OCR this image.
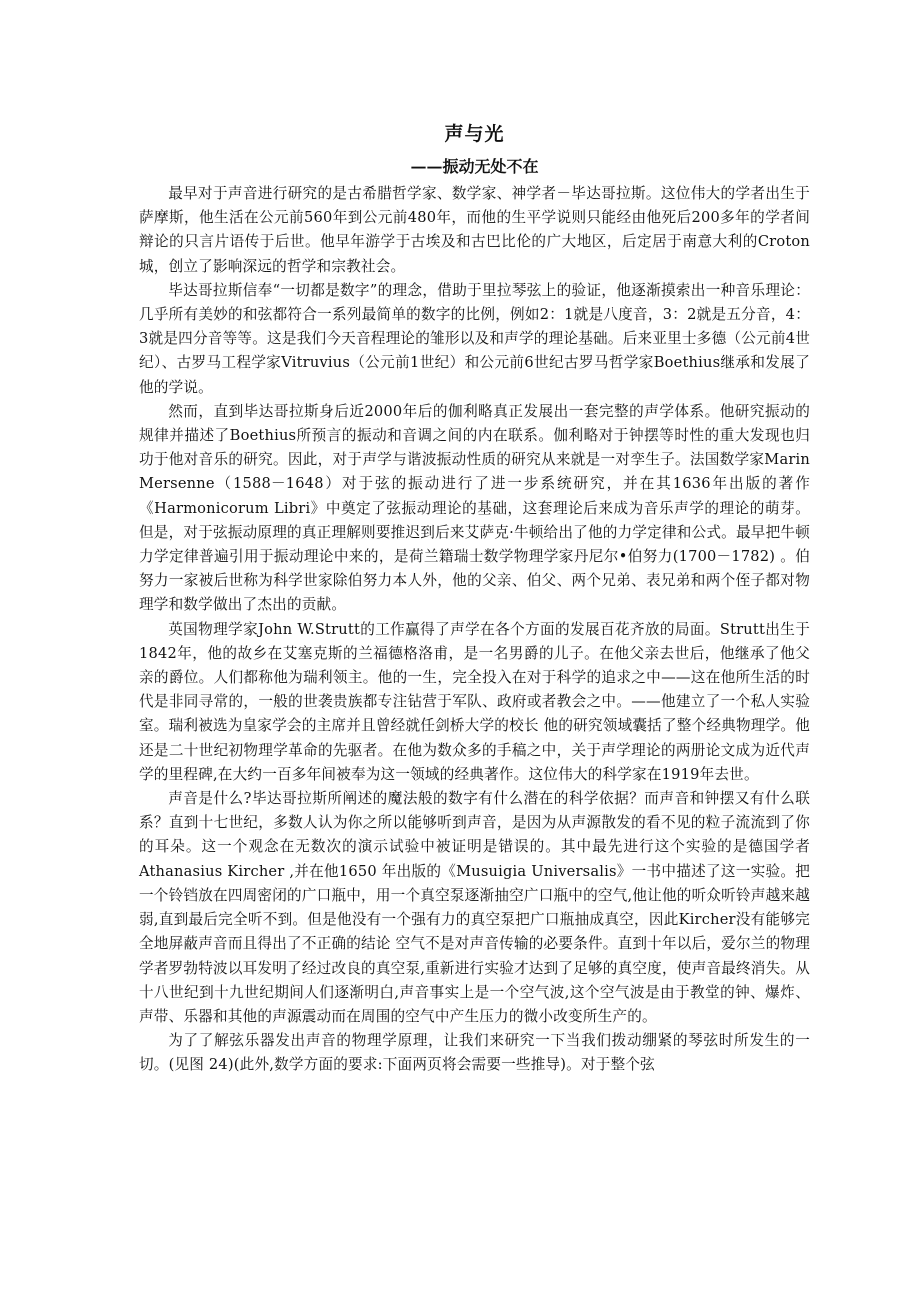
声与光
——振动无处不在

最早对于声音进行研究的是古希腊哲学家、数学家、神学者－毕达哥拉斯。这位伟大的学者出生于萨摩斯，他生活在公元前560年到公元前480年，而他的生平学说则只能经由他死后200多年的学者间辩论的只言片语传于后世。他早年游学于古埃及和古巴比伦的广大地区，后定居于南意大利的Croton城，创立了影响深远的哲学和宗教社会。

毕达哥拉斯信奉“一切都是数字”的理念，借助于里拉琴弦上的验证，他逐渐摸索出一种音乐理论：几乎所有美妙的和弦都符合一系列最简单的数字的比例，例如2：1就是八度音，3：2就是五分音，4：3就是四分音等等。这是我们今天音程理论的雏形以及和声学的理论基础。后来亚里士多德（公元前4世纪）、古罗马工程学家Vitruvius（公元前1世纪）和公元前6世纪古罗马哲学家Boethius继承和发展了他的学说。

然而，直到毕达哥拉斯身后近2000年后的伽利略真正发展出一套完整的声学体系。他研究振动的规律并描述了Boethius所预言的振动和音调之间的内在联系。伽利略对于钟摆等时性的重大发现也归功于他对音乐的研究。因此，对于声学与谐波振动性质的研究从来就是一对孪生子。法国数学家Marin Mersenne（1588－1648）对于弦的振动进行了进一步系统研究，并在其1636年出版的著作《Harmonicorum Libri》中奠定了弦振动理论的基础，这套理论后来成为音乐声学的理论的萌芽。但是，对于弦振动原理的真正理解则要推迟到后来艾萨克·牛顿给出了他的力学定律和公式。最早把牛顿力学定律普遍引用于振动理论中来的，是荷兰籍瑞士数学物理学家丹尼尔•伯努力(1700－1782) 。伯努力一家被后世称为科学世家除伯努力本人外，他的父亲、伯父、两个兄弟、表兄弟和两个侄子都对物理学和数学做出了杰出的贡献。

英国物理学家John W.Strutt的工作赢得了声学在各个方面的发展百花齐放的局面。Strutt出生于1842年，他的故乡在艾塞克斯的兰福德格洛甫，是一名男爵的儿子。在他父亲去世后，他继承了他父亲的爵位。人们都称他为瑞利领主。他的一生，完全投入在对于科学的追求之中——这在他所生活的时代是非同寻常的，一般的世袭贵族都专注钻营于军队、政府或者教会之中。——他建立了一个私人实验室。瑞利被选为皇家学会的主席并且曾经就任剑桥大学的校长 他的研究领域囊括了整个经典物理学。他还是二十世纪初物理学革命的先驱者。在他为数众多的手稿之中，关于声学理论的两册论文成为近代声学的里程碑,在大约一百多年间被奉为这一领域的经典著作。这位伟大的科学家在1919年去世。

声音是什么?毕达哥拉斯所阐述的魔法般的数字有什么潜在的科学依据？而声音和钟摆又有什么联系？直到十七世纪，多数人认为你之所以能够听到声音，是因为从声源散发的看不见的粒子流流到了你的耳朵。这一个观念在无数次的演示试验中被证明是错误的。其中最先进行这个实验的是德国学者 Athanasius Kircher ,并在他1650 年出版的《Musuigia Universalis》一书中描述了这一实验。把一个铃铛放在四周密闭的广口瓶中，用一个真空泵逐渐抽空广口瓶中的空气,他让他的听众听铃声越来越弱,直到最后完全听不到。但是他没有一个强有力的真空泵把广口瓶抽成真空，因此Kircher没有能够完全地屏蔽声音而且得出了不正确的结论 空气不是对声音传输的必要条件。直到十年以后，爱尔兰的物理学者罗勃特波以耳发明了经过改良的真空泵,重新进行实验才达到了足够的真空度，使声音最终消失。从十八世纪到十九世纪期间人们逐渐明白,声音事实上是一个空气波,这个空气波是由于教堂的钟、爆炸、声带、乐器和其他的声源震动而在周围的空气中产生压力的微小改变所生产的。

为了了解弦乐器发出声音的物理学原理，让我们来研究一下当我们拨动绷紧的琴弦时所发生的一切。(见图 24)(此外,数学方面的要求:下面两页将会需要一些推导)。对于整个弦
